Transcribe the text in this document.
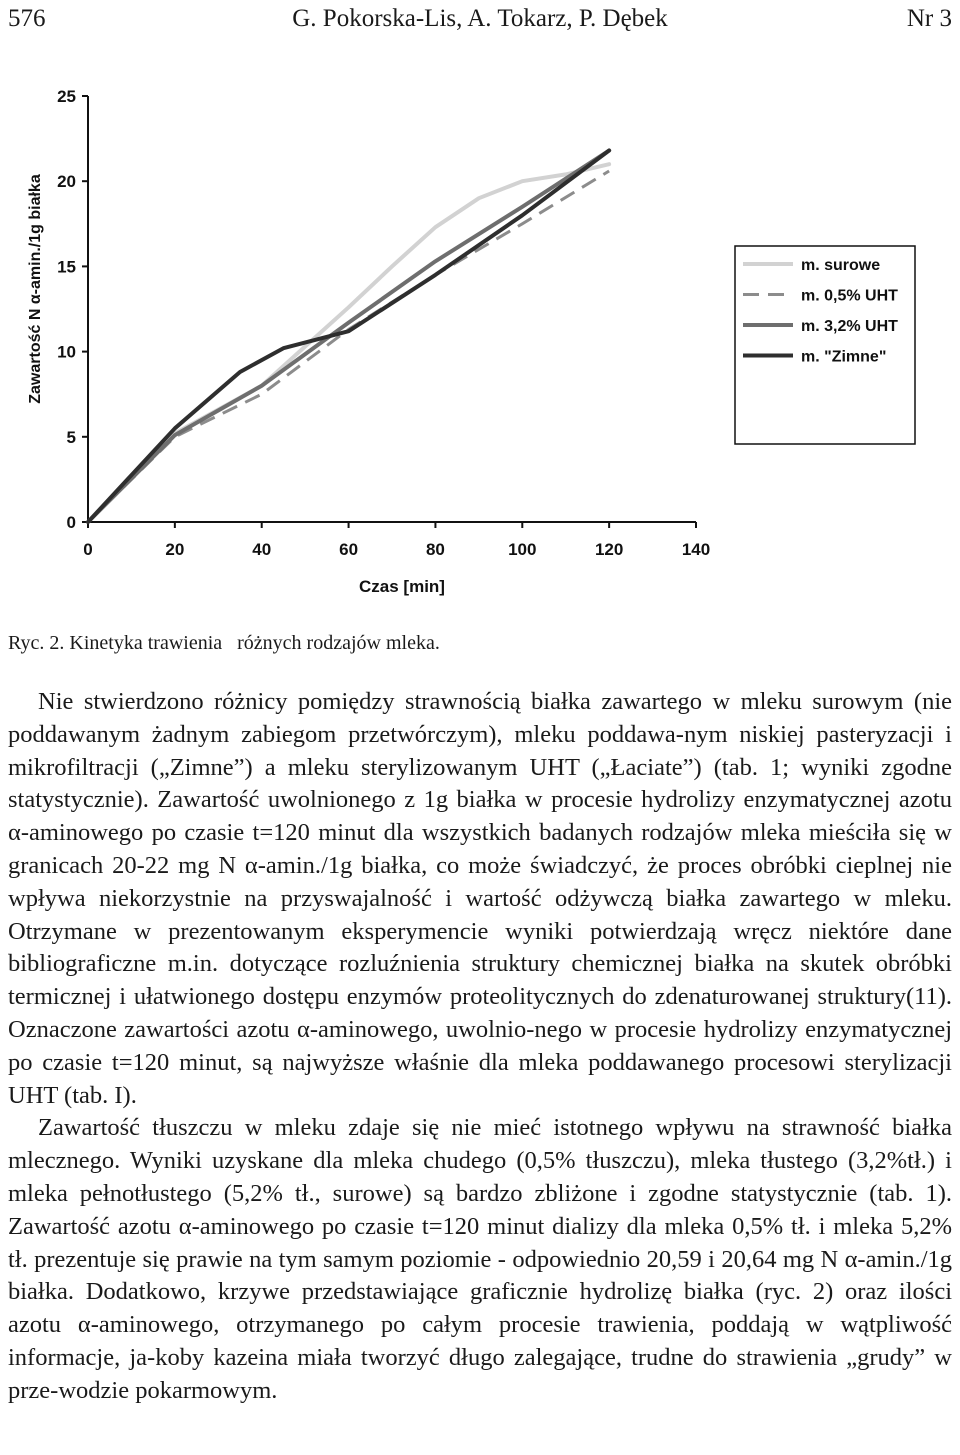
576	G. Pokorska-Lis, A. Tokarz, P. Dębek	Nr 3
0
5
10
15
20
25
0	20	40	60	80	100	120	140
Czas [min]
Zawartość N α-amin./1g białka	m. surowe
m. 0,5% UHT
m. 3,2% UHT
m. "Zimne"
Ryc. 2. Kinetyka trawienia   różnych rodzajów mleka.

Nie stwierdzono różnicy pomiędzy strawnością białka zawartego w mleku surowym (nie poddawanym żadnym zabiegom przetwórczym), mleku poddawa-nym niskiej pasteryzacji i mikrofiltracji („Zimne”) a mleku sterylizowanym UHT („Łaciate”) (tab. 1; wyniki zgodne statystycznie). Zawartość uwolnionego z 1g białka w procesie hydrolizy enzymatycznej azotu α-aminowego po czasie t=120 minut dla wszystkich badanych rodzajów mleka mieściła się w granicach 20-22 mg N α-amin./1g białka, co może świadczyć, że proces obróbki cieplnej nie wpływa niekorzystnie na przyswajalność i wartość odżywczą białka zawartego w mleku. Otrzymane w prezentowanym eksperymencie wyniki potwierdzają wręcz niektóre dane bibliograficzne m.in. dotyczące rozluźnienia struktury chemicznej białka na skutek obróbki termicznej i ułatwionego dostępu enzymów proteolitycznych do zdenaturowanej struktury(11). Oznaczone zawartości azotu α-aminowego, uwolnio-nego w procesie hydrolizy enzymatycznej po czasie t=120 minut, są najwyższe właśnie dla mleka poddawanego procesowi sterylizacji UHT (tab. I).

Zawartość tłuszczu w mleku zdaje się nie mieć istotnego wpływu na strawność białka mlecznego. Wyniki uzyskane dla mleka chudego (0,5% tłuszczu), mleka tłustego (3,2%tł.) i mleka pełnotłustego (5,2% tł., surowe) są bardzo zbliżone i zgodne statystycznie (tab. 1). Zawartość azotu α-aminowego po czasie t=120 minut dializy dla mleka 0,5% tł. i mleka 5,2% tł. prezentuje się prawie na tym samym poziomie - odpowiednio 20,59 i 20,64 mg N α-amin./1g białka. Dodatkowo, krzywe przedstawiające graficznie hydrolizę białka (ryc. 2) oraz ilości azotu α-aminowego, otrzymanego po całym procesie trawienia, poddają w wątpliwość informacje, ja-koby kazeina miała tworzyć długo zalegające, trudne do strawienia „grudy” w prze-wodzie pokarmowym.
